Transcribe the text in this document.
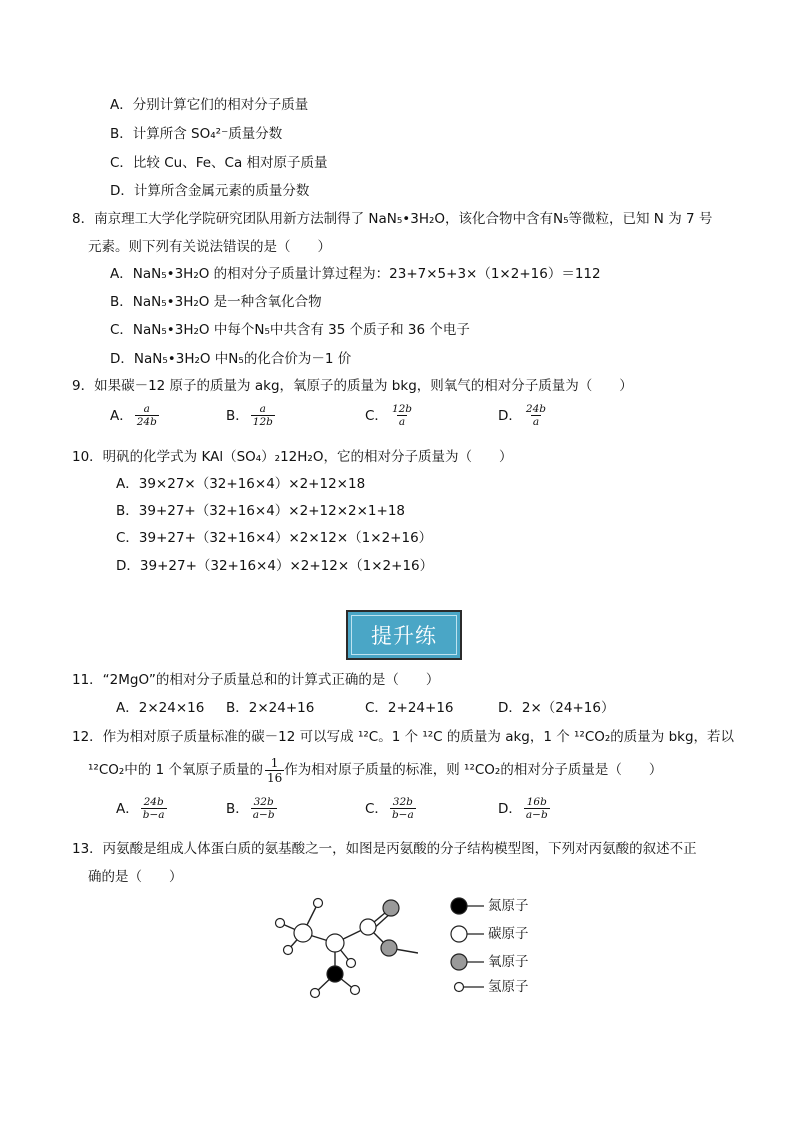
A．分别计算它们的相对分子质量
B．计算所含 SO₄²⁻质量分数
C．比较 Cu、Fe、Ca 相对原子质量
D．计算所含金属元素的质量分数
8．南京理工大学化学院研究团队用新方法制得了 NaN₅•3H₂O，该化合物中含有N₅等微粒，已知 N 为 7 号
元素。则下列有关说法错误的是（　　）
A．NaN₅•3H₂O 的相对分子质量计算过程为：23+7×5+3×（1×2+16）＝112
B．NaN₅•3H₂O 是一种含氧化合物
C．NaN₅•3H₂O 中每个N₅中共含有 35 个质子和 36 个电子
D．NaN₅•3H₂O 中N₅的化合价为－1 价
9．如果碳－12 原子的质量为 akg，氧原子的质量为 bkg，则氧气的相对分子质量为（　　）
A． $\frac{a}{24b}$	B． $\frac{a}{12b}$	C． $\frac{12b}{a}$	D． $\frac{24b}{a}$
10．明矾的化学式为 KAl（SO₄）₂12H₂O，它的相对分子质量为（　　）
A．39×27×（32+16×4）×2+12×18
B．39+27+（32+16×4）×2+12×2×1+18
C．39+27+（32+16×4）×2×12×（1×2+16）
D．39+27+（32+16×4）×2+12×（1×2+16）
提升练
11．“2MgO”的相对分子质量总和的计算式正确的是（　　）
A．2×24×16 B．2×24+16	C．2+24+16	D．2×（24+16）
12．作为相对原子质量标准的碳－12 可以写成 ¹²C。1 个 ¹²C 的质量为 akg，1 个 ¹²CO₂的质量为 bkg，若以
¹²CO₂中的 1 个氧原子质量的 $\frac{1}{16}$ 作为相对原子质量的标准，则 ¹²CO₂的相对分子质量是（　　）
A． $\frac{24b}{b-a}$	B． $\frac{32b}{a-b}$	C． $\frac{32b}{b-a}$	D． $\frac{16b}{a-b}$
13．丙氨酸是组成人体蛋白质的氨基酸之一，如图是丙氨酸的分子结构模型图，下列对丙氨酸的叙述不正
确的是（　　）
氮原子
碳原子
氧原子
氢原子
